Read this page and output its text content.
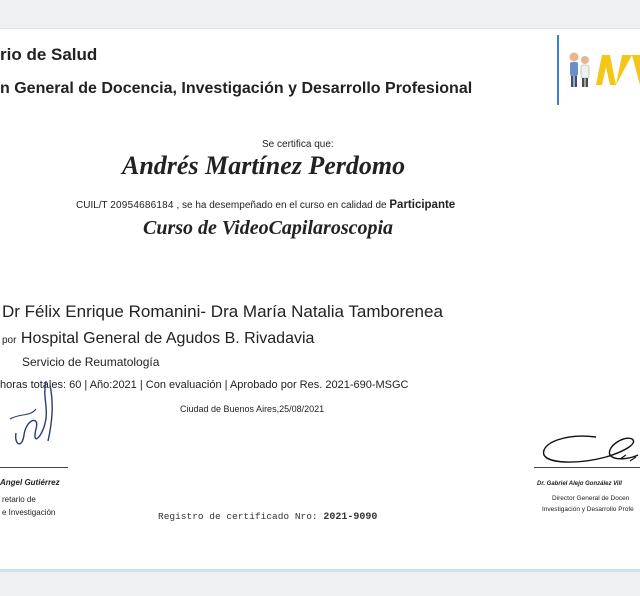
rio de Salud
n General de Docencia, Investigación y Desarrollo Profesional
Se certifica que:
Andrés Martínez Perdomo
CUIL/T 20954686184 , se ha desempeñado en el curso en calidad de Participante
Curso de VideoCapilaroscopia
Dr Félix Enrique Romanini- Dra María Natalia Tamborenea
por Hospital General de Agudos B. Rivadavia
Servicio de Reumatología
horas totales: 60 | Año:2021 | Con evaluación | Aprobado por Res. 2021-690-MSGC
Ciudad de Buenos Aires,25/08/2021
Angel Gutiérrez
retario de
e Investigación
Dr. Gabriel Alejo González Vill
Director General de Docen
Investigación y Desarrollo Profe
Registro de certificado Nro: 2021-9090
